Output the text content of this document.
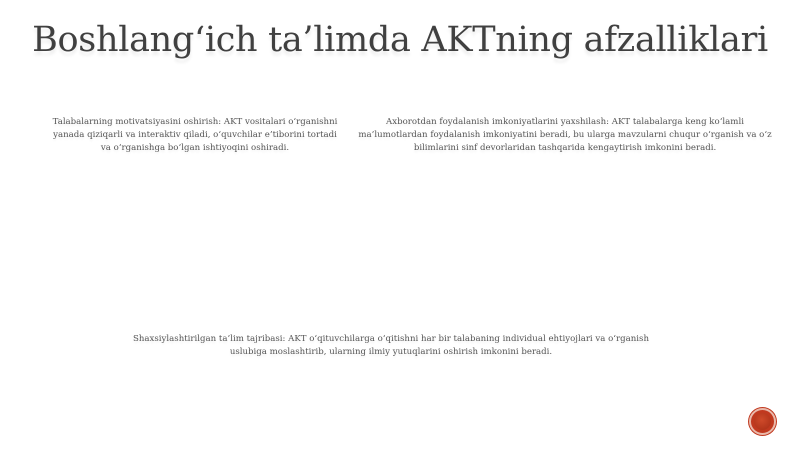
Boshlang‘ich ta’limda AKTning afzalliklari
Talabalarning motivatsiyasini oshirish: AKT vositalari o‘rganishni yanada qiziqarli va interaktiv qiladi, o‘quvchilar e’tiborini tortadi va o‘rganishga bo‘lgan ishtiyoqini oshiradi.
Axborotdan foydalanish imkoniyatlarini yaxshilash: AKT talabalarga keng ko‘lamli ma’lumotlardan foydalanish imkoniyatini beradi, bu ularga mavzularni chuqur o‘rganish va o‘z bilimlarini sinf devorlaridan tashqarida kengaytirish imkonini beradi.
Shaxsiylashtirilgan ta’lim tajribasi: AKT o‘qituvchilarga o‘qitishni har bir talabaning individual ehtiyojlari va o‘rganish uslubiga moslashtirib, ularning ilmiy yutuqlarini oshirish imkonini beradi.
